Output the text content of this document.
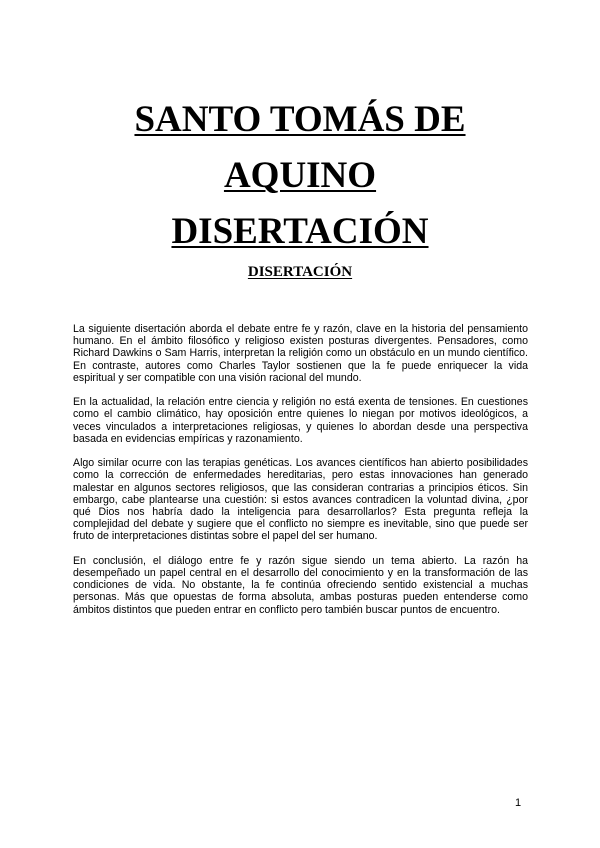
SANTO TOMÁS DE
AQUINO
DISERTACIÓN
DISERTACIÓN

La siguiente disertación aborda el debate entre fe y razón, clave en la historia del pensamiento humano. En el ámbito filosófico y religioso existen posturas divergentes. Pensadores, como Richard Dawkins o Sam Harris, interpretan la religión como un obstáculo en un mundo científico. En contraste, autores como Charles Taylor sostienen que la fe puede enriquecer la vida espiritual y ser compatible con una visión racional del mundo.

En la actualidad, la relación entre ciencia y religión no está exenta de tensiones. En cuestiones como el cambio climático, hay oposición entre quienes lo niegan por motivos ideológicos, a veces vinculados a interpretaciones religiosas, y quienes lo abordan desde una perspectiva basada en evidencias empíricas y razonamiento.

Algo similar ocurre con las terapias genéticas. Los avances científicos han abierto posibilidades como la corrección de enfermedades hereditarias, pero estas innovaciones han generado malestar en algunos sectores religiosos, que las consideran contrarias a principios éticos. Sin embargo, cabe plantearse una cuestión: si estos avances contradicen la voluntad divina, ¿por qué Dios nos habría dado la inteligencia para desarrollarlos? Esta pregunta refleja la complejidad del debate y sugiere que el conflicto no siempre es inevitable, sino que puede ser fruto de interpretaciones distintas sobre el papel del ser humano.

En conclusión, el diálogo entre fe y razón sigue siendo un tema abierto. La razón ha desempeñado un papel central en el desarrollo del conocimiento y en la transformación de las condiciones de vida. No obstante, la fe continúa ofreciendo sentido existencial a muchas personas. Más que opuestas de forma absoluta, ambas posturas pueden entenderse como ámbitos distintos que pueden entrar en conflicto pero también buscar puntos de encuentro.

1
